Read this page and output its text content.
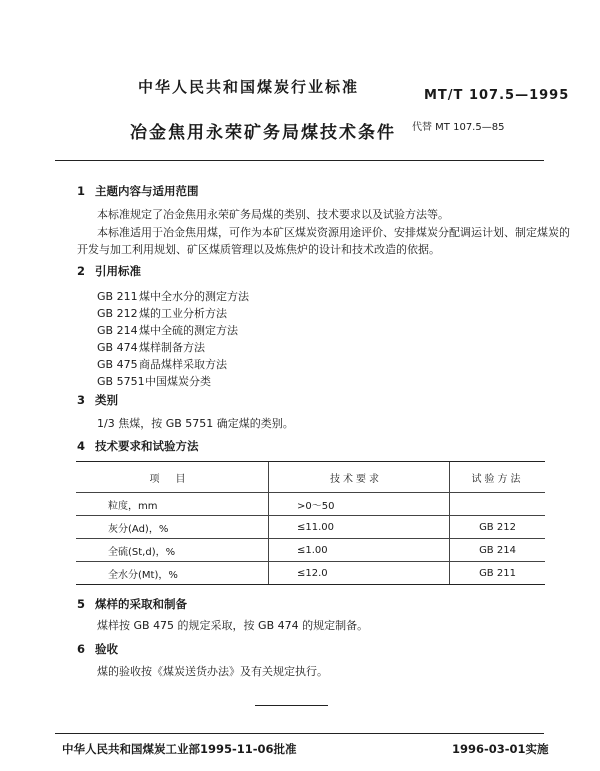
中华人民共和国煤炭行业标准	MT/T 107.5—1995
冶金焦用永荣矿务局煤技术条件 代替 MT 107.5—85
1 主题内容与适用范围
本标准规定了冶金焦用永荣矿务局煤的类别、技术要求以及试验方法等。
本标准适用于冶金焦用煤，可作为本矿区煤炭资源用途评价、安排煤炭分配调运计划、制定煤炭的
开发与加工利用规划、矿区煤质管理以及炼焦炉的设计和技术改造的依据。
2 引用标准
GB 211煤中全水分的测定方法
GB 212煤的工业分析方法
GB 214煤中全硫的测定方法
GB 474煤样制备方法
GB 475商品煤样采取方法
GB 5751中国煤炭分类
3 类别
1/3 焦煤，按 GB 5751 确定煤的类别。
4 技术要求和试验方法
项　目	技术要求	试验方法
粒度，mm	>0～50	
灰分(Ad)，%	≤11.00	GB 212
全硫(St,d)，%	≤1.00	GB 214
全水分(Mt)，%	≤12.0	GB 211
5 煤样的采取和制备
煤样按 GB 475 的规定采取，按 GB 474 的规定制备。
6 验收
煤的验收按《煤炭送货办法》及有关规定执行。
中华人民共和国煤炭工业部1995-11-06批准	1996-03-01实施
